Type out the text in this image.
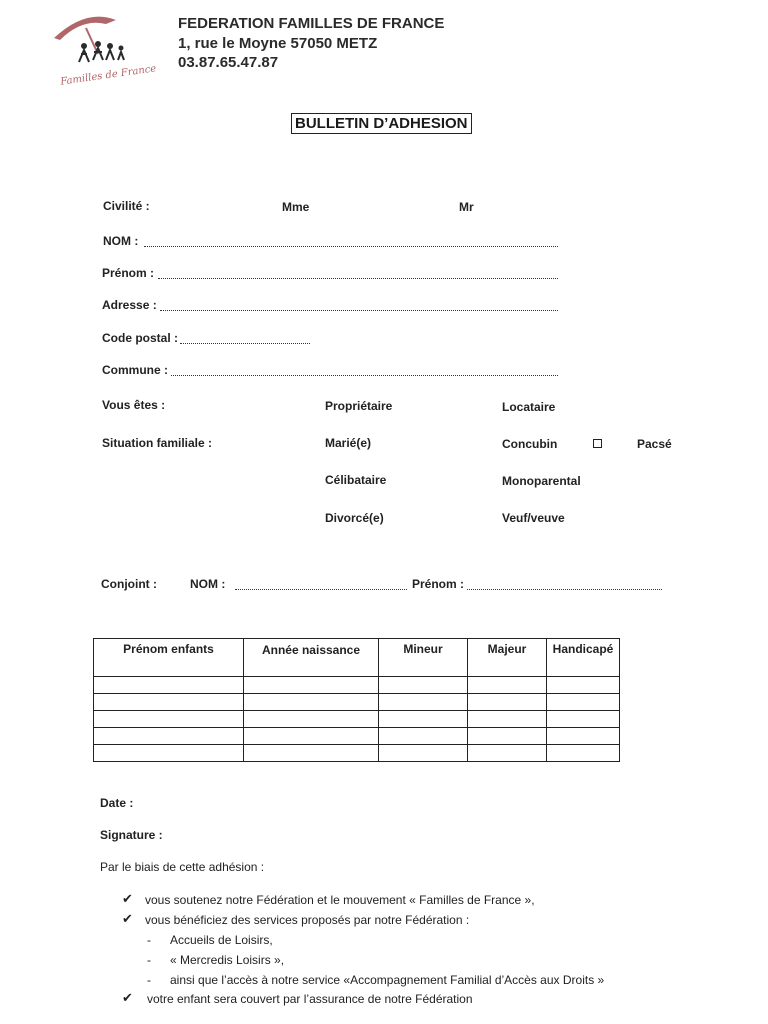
Familles de France
FEDERATION FAMILLES DE FRANCE
1, rue le Moyne 57050 METZ
03.87.65.47.87
BULLETIN D’ADHESION
Civilité :	Mme	Mr
NOM :
Prénom :
Adresse :
Code postal :
Commune :
Vous êtes :	Propriétaire	Locataire
Situation familiale :	Marié(e)	Concubin	Pacsé
Célibataire	Monoparental
Divorcé(e)	Veuf/veuve
Conjoint :	NOM :	Prénom :
Prénom enfants	Année naissance	Mineur	Majeur	Handicapé

Date :
Signature :
Par le biais de cette adhésion :
✔ vous soutenez notre Fédération et le mouvement « Familles de France »,
✔ vous bénéficiez des services proposés par notre Fédération :
- Accueils de Loisirs,
- « Mercredis Loisirs »,
- ainsi que l’accès à notre service «Accompagnement Familial d’Accès aux Droits »
✔ votre enfant sera couvert par l’assurance de notre Fédération
